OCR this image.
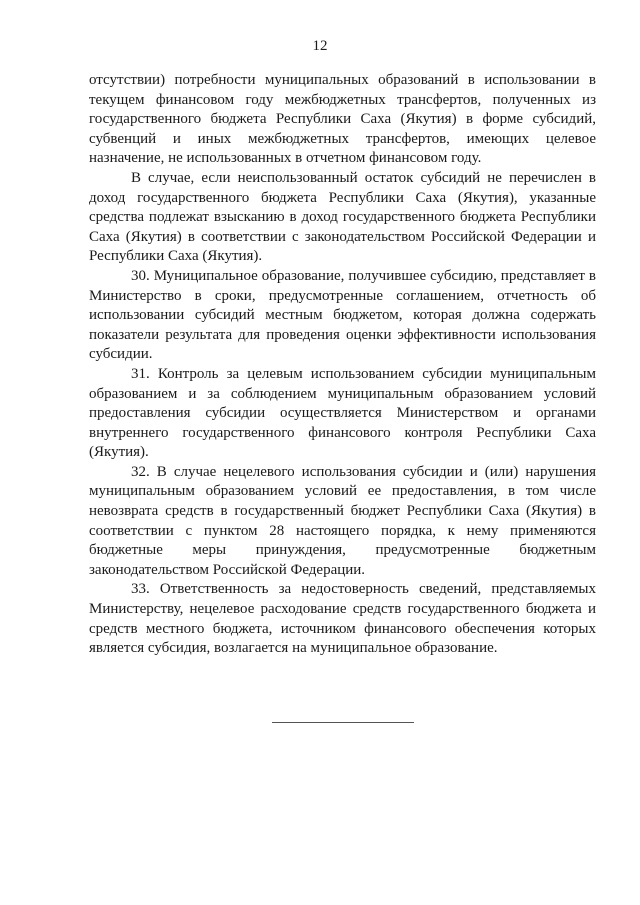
12

отсутствии) потребности муниципальных образований в использовании в текущем финансовом году межбюджетных трансфертов, полученных из государственного бюджета Республики Саха (Якутия) в форме субсидий, субвенций и иных межбюджетных трансфертов, имеющих целевое назначение, не использованных в отчетном финансовом году.

В случае, если неиспользованный остаток субсидий не перечислен в доход государственного бюджета Республики Саха (Якутия), указанные средства подлежат взысканию в доход государственного бюджета Республики Саха (Якутия) в соответствии с законодательством Российской Федерации и Республики Саха (Якутия).

30. Муниципальное образование, получившее субсидию, представляет в Министерство в сроки, предусмотренные соглашением, отчетность об использовании субсидий местным бюджетом, которая должна содержать показатели результата для проведения оценки эффективности использования субсидии.

31. Контроль за целевым использованием субсидии муниципальным образованием и за соблюдением муниципальным образованием условий предоставления субсидии осуществляется Министерством и органами внутреннего государственного финансового контроля Республики Саха (Якутия).

32. В случае нецелевого использования субсидии и (или) нарушения муниципальным образованием условий ее предоставления, в том числе невозврата средств в государственный бюджет Республики Саха (Якутия) в соответствии с пунктом 28 настоящего порядка, к нему применяются бюджетные меры принуждения, предусмотренные бюджетным законодательством Российской Федерации.

33. Ответственность за недостоверность сведений, представляемых Министерству, нецелевое расходование средств государственного бюджета и средств местного бюджета, источником финансового обеспечения которых является субсидия, возлагается на муниципальное образование.
